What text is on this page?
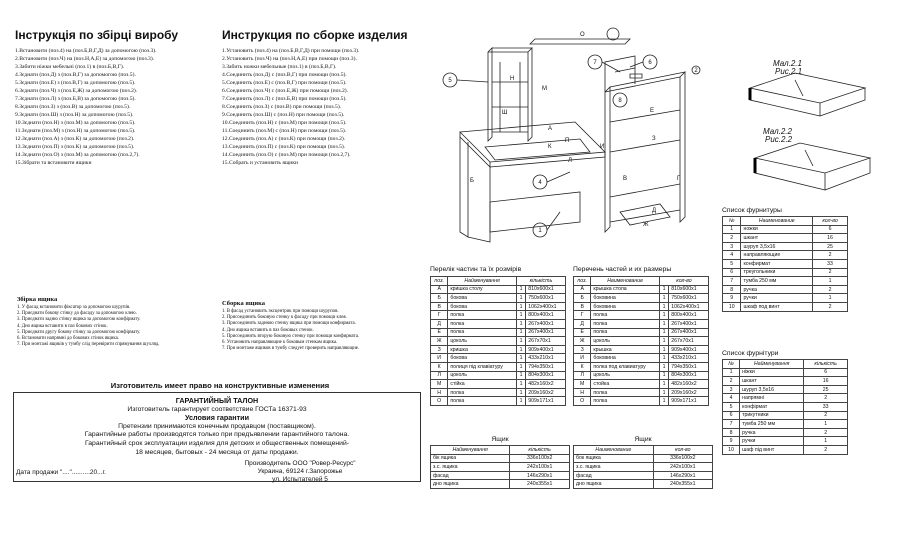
Інструкція по збірці виробу
1.Встановити (поз.4) на (поз.Б,В,Г,Д) за допомогою (поз.3).
2.Встановити (поз.Ч) на (поз.Н,А,Е) за допомогою (поз.3).
3.Забити ніжки мебельні (поз.1) в (поз.Б,В,Г).
4.Зєднати (поз.Д) з (поз.В,Г) за допомогою (поз.5).
5.Зєднати (поз.Е) з (поз.В,Г) за допомогою (поз.5).
6.Зєднати (поз.Ч) з (поз.Е,Ж) за допомогою (поз.2).
7.Зєднати (поз.Л) з (поз.Б,В) за допомогою (поз.5).
8.Зєднати (поз.З) з (поз.В) за допомогою (поз.5).
9.Зєднати (поз.Ш) з (поз.Н) за допомогою (поз.5).
10.Зєднати (поз.Н) з (поз.М) за допомогою (поз.5).
11.Зєднати (поз.М) з (поз.Н) за допомогою (поз.5).
12.Зєднати (поз.А) з (поз.К) за допомогою (поз.2).
13.Зєднати (поз.П) з (поз.К) за допомогою (поз.5).
14.Зєднати (поз.О) з (поз.М) за допомогою (поз.2,7).
15.Зібрати та встановити ящики
Инструкция по сборке изделия
1.Установить (поз.4) на (поз.Б,В,Г,Д) при помощи (поз.3).
2.Установить (поз.Ч) на (поз.Н,А,Е) при помощи (поз.3).
3.Забить ножки мебельные (поз.1) в (поз.Б,В,Г).
4.Соединить (поз.Д) с (поз.В,Г) при помощи (поз.5).
5.Соединить (поз.Е) с (поз.В,Г) при помощи (поз.5).
6.Соединить (поз.Ч) с (поз.Е,Ж) при помощи (поз.2).
7.Соединить (поз.Л) с (поз.Б,В) при помощи (поз.5).
8.Соединить (поз.З) с (поз.В) при помощи (поз.5).
9.Соединить (поз.Ш) с (поз.Н) при помощи (поз.5).
10.Соединить (поз.Н) с (поз.М) при помощи (поз.5).
11.Соединить (поз.М) с (поз.Н) при помощи (поз.5).
12.Соединить (поз.А) с (поз.К) при помощи (поз.2).
13.Соединить (поз.П) с (поз.К) при помощи (поз.5).
14.Соединить (поз.О) с (поз.М) при помощи (поз.2,7).
15.Собрать и установить ящики
Збірка ящика
1. У фасад встановити фіксатор за допомогою шурупів.
2. Приєднати бокову стінку до фасаду за допомогою клею.
3. Приєднати задню стінку ящика за допомогою конфірмату.
4. Дно ящика вставити в паз бокових стінок.
5. Приєднати другу бокову стінку за допомогою конфірмату.
6. Встановити напрямні до бокових стінок ящика.
7. При монтажі ящиків у тумбу слід перевірити спрямування шухляд.
Сборка ящика
1. В фасад установить эксцентрик при помощи шурупов.
2. Присоединить боковую стенку к фасаду при помощи клея.
3. Присоединить заднюю стенку ящика при помощи конфирмата.
4. Дно ящика вставить в паз боковых стенок.
5. Присоединить вторую боковую стенку при помощи конфирмата.
6. Установить направляющие к боковым стенкам ящика.
7. При монтаже ящиков в тумбу следует проверить направляющие.
Изготовитель имеет право на конструктивные изменения
ГАРАНТИЙНЫЙ ТАЛОН
Изготовитель гарантирует соответствие ГОСТа 16371-93
Условия гарантии
Претензии принимаются конечным продавцом (поставщиком).
Гарантийные работы производятся только при предъявлении гарантийного талона.
Гарантийный срок эксплуатации изделия для детских и общественных помещений-
18 месяцев, бытовых - 24 месяца от даты продажи.
Производитель ООО "Ровер-Ресурс"
Украина, 69124 г.Запорожье
ул. Испытателей 5
Дата продажи "...."..........20...г.
А
Б	В	Г
Д
Е
Ж
З
И
К
Л
М
Н
О
П
Ш
1
2
4
5
6
7
8
Мал.2.1
Рис.2.1
Мал.2.2
Рис.2.2
Перелік частин та їх розмірів
поз.	Найменування	кількість	
А	кришка столу	1	810х600х1
Б	бокова	1	750х600х1
В	бокова	1	1062х400х1
Г	полка	1	800х400х1
Д	полка	1	267х400х1
Е	полка	1	267х400х1
Ж	цоколь	1	267х70х1
З	кришка	1	909х400х1
И	бокова	1	433х210х1
К	полиця під клавіатуру	1	794х350х1
Л	цоколь	1	804х300х1
М	стійка	1	482х160х2
Н	полка	1	209х160х2
О	полка	1	909х171х1
Перечень частей и их размеры
поз.	Наименование	кол-во	
А	крышка стола	1	810х600х1
Б	боковина	1	750х600х1
В	боковина	1	1062х400х1
Г	полка	1	800х400х1
Д	полка	1	267х400х1
Е	полка	1	267х400х1
Ж	цоколь	1	267х70х1
З	крышка	1	909х400х1
И	боковина	1	433х210х1
К	полка под клавиатуру	1	794х350х1
Л	цоколь	1	804х300х1
М	стойка	1	482х160х2
Н	полка	1	209х160х2
О	полка	1	909х171х1
Ящик
Найменування	кількість
бік ящика	336х100х2
з.с. ящика	242х100х1
фасад	146х290х1
дно ящика	240х355х1
Ящик
Наименование	кол-во
бок ящика	336х100х2
з.с. ящика	242х100х1
фасад	146х290х1
дно ящика	240х355х1
Список фурнитуры
№	Наименование	кол-во
1	ножки	6
2	шкант	16
3	шуруп 3,5х16	25
4	направляющие	2
5	конфирмат	33
6	треугольники	2
7	тумба 250 мм	1
8	ручка	2
9	ручки	1
10	шкаф под винт	2
Список фурнітури
№	Найменування	кількість
1	ніжки	6
2	шкант	16
3	шуруп 3,5х16	25
4	напрямні	2
5	конфірмат	33
6	трикутники	2
7	тумба 250 мм	1
8	ручка	2
9	ручки	1
10	шаф під винт	2
